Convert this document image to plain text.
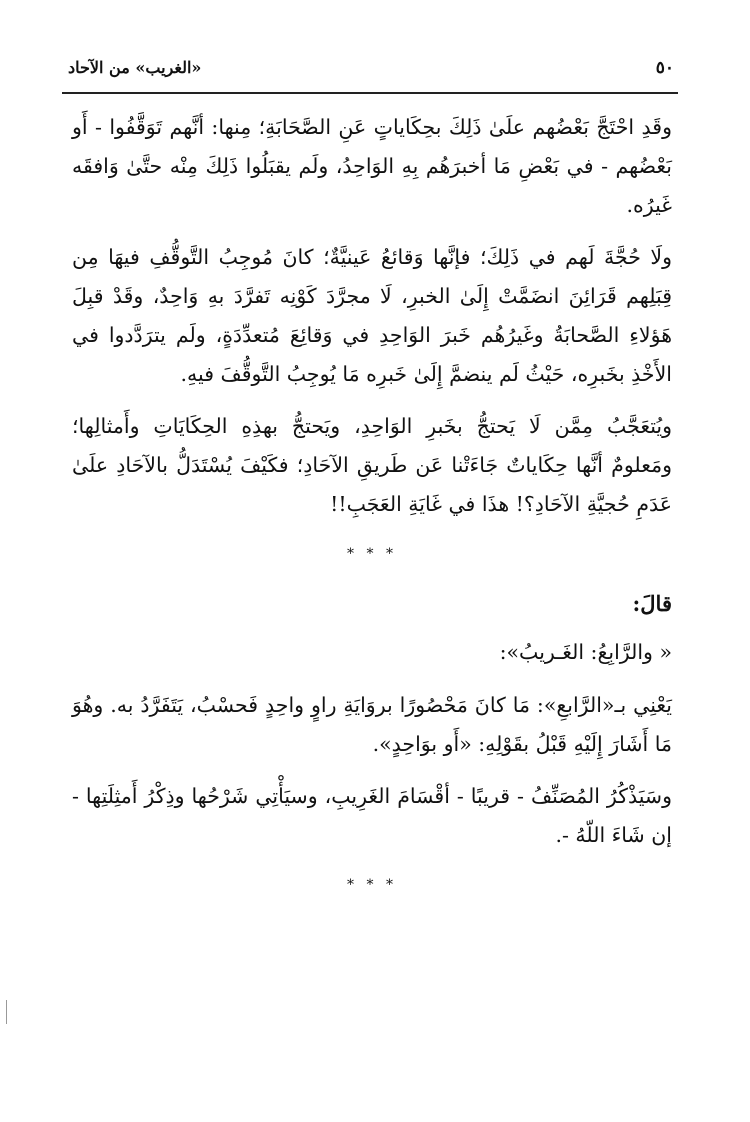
٥٠
«الغريب» من الآحاد

وقَدِ احْتَجَّ بَعْضُهم علَىٰ ذَلِكَ بحِكَاياتٍ عَنِ الصَّحَابَةِ؛ مِنها: أنَّهم تَوَقَّفُوا - أَو بَعْضُهم - في بَعْضِ مَا أخبرَهُم بِهِ الوَاحِدُ، ولَم يقبَلُوا ذَلِكَ مِنْه حتَّىٰ وَافقَه غَيرُه.

ولَا حُجَّةَ لَهم في ذَلِكَ؛ فإنَّها وَقائعُ عَينيَّةٌ؛ كانَ مُوجِبُ التَّوقُّفِ فيهَا مِن قِبَلِهم قَرَائِنَ انضَمَّتْ إِلَىٰ الخبرِ، لَا مجرَّدَ كَوْنِه تَفرَّدَ بهِ وَاحِدٌ، وقَدْ قبِلَ هَؤلاءِ الصَّحابَةُ وغَيرُهُم خَبرَ الوَاحِدِ في وَقائِعَ مُتعدِّدَةٍ، ولَم يترَدَّدوا في الأَخْذِ بخَبرِه، حَيْثُ لَم ينضمَّ إِلَىٰ خَبرِه مَا يُوجِبُ التَّوقُّفَ فيهِ.

ويُتعَجَّبُ مِمَّن لَا يَحتجُّ بخَبرِ الوَاحِدِ، ويَحتجُّ بهذِهِ الحِكَايَاتِ وأَمثالِها؛ ومَعلومٌ أنَّها حِكَاياتٌ جَاءَتْنا عَن طَريقِ الآحَادِ؛ فكَيْفَ يُسْتَدَلُّ بالآحَادِ علَىٰ عَدَمِ حُجيَّةِ الآحَادِ؟! هذَا في غَايَةِ العَجَبِ!!

* * *
قالَ:
« والرَّابِعُ: الغَـريبُ»:

يَعْنِي بـ«الرَّابعِ»: مَا كانَ مَحْصُورًا بروَايَةِ راوٍ واحِدٍ فَحسْبُ، يَتَفَرَّدُ به. وهُوَ مَا أَشَارَ إِلَيْهِ قَبْلُ بقَوْلِهِ: «أَو بوَاحِدٍ».

وسَيَذْكُرُ المُصَنِّفُ - قريبًا - أقْسَامَ الغَرِيبِ، وسيَأْتِي شَرْحُها وذِكْرُ أَمثِلَتِها - إن شَاءَ اللّهُ -.

* * *
